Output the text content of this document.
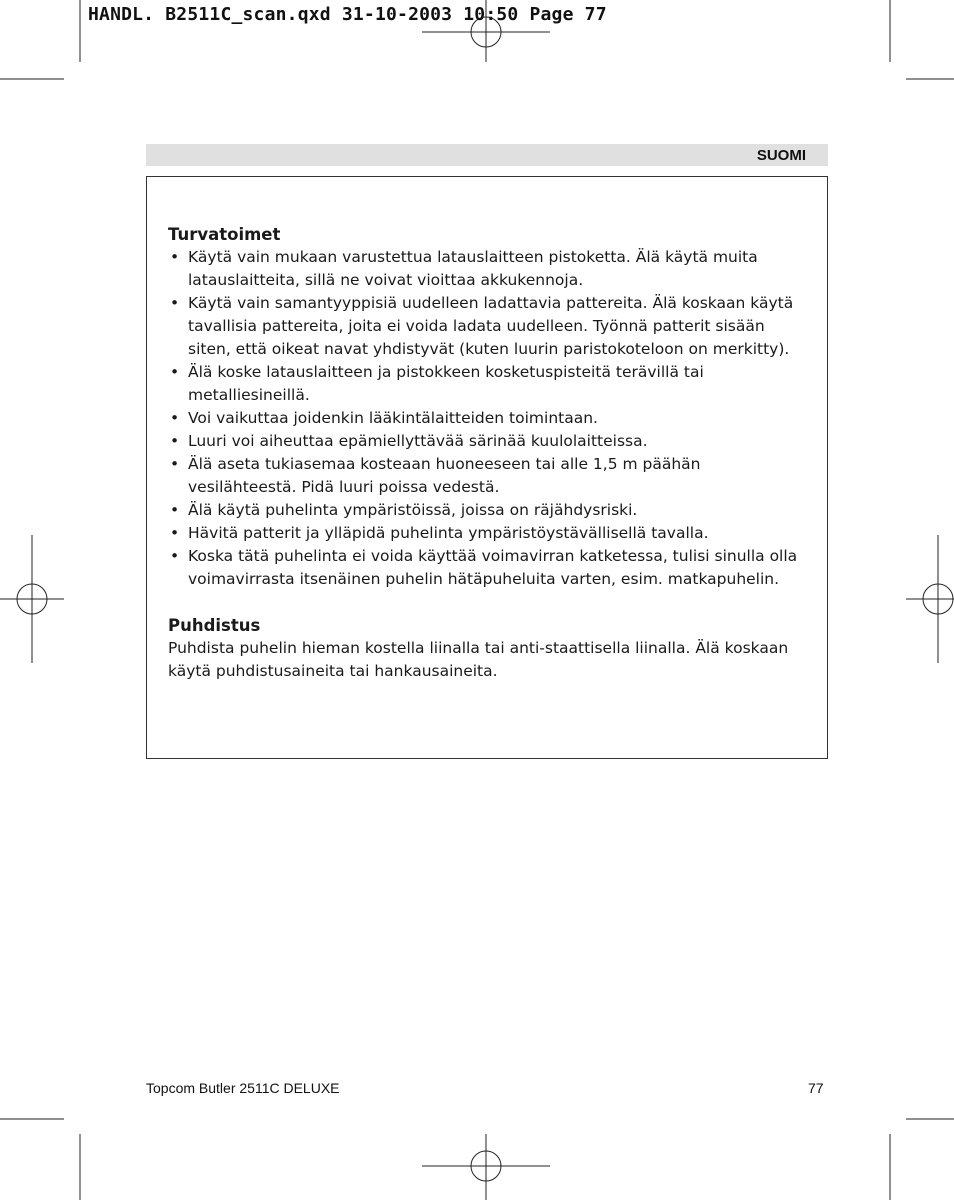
HANDL. B2511C_scan.qxd 31-10-2003 10:50 Page 77
SUOMI
Turvatoimet
• Käytä vain mukaan varustettua latauslaitteen pistoketta. Älä käytä muita latauslaitteita, sillä ne voivat vioittaa akkukennoja.
• Käytä vain samantyyppisiä uudelleen ladattavia pattereita. Älä koskaan käytä tavallisia pattereita, joita ei voida ladata uudelleen. Työnnä patterit sisään siten, että oikeat navat yhdistyvät (kuten luurin paristokoteloon on merkitty).
• Älä koske latauslaitteen ja pistokkeen kosketuspisteitä terävillä tai metalliesineillä.
• Voi vaikuttaa joidenkin lääkintälaitteiden toimintaan.
• Luuri voi aiheuttaa epämiellyttävää särinää kuulolaitteissa.
• Älä aseta tukiasemaa kosteaan huoneeseen tai alle 1,5 m päähän vesilähteestä. Pidä luuri poissa vedestä.
• Älä käytä puhelinta ympäristöissä, joissa on räjähdysriski.
• Hävitä patterit ja ylläpidä puhelinta ympäristöystävällisellä tavalla.
• Koska tätä puhelinta ei voida käyttää voimavirran katketessa, tulisi sinulla olla voimavirrasta itsenäinen puhelin hätäpuheluita varten, esim. matkapuhelin.
Puhdistus

Puhdista puhelin hieman kostella liinalla tai anti-staattisella liinalla. Älä koskaan käytä puhdistusaineita tai hankausaineita.

Topcom Butler 2511C DELUXE	77
